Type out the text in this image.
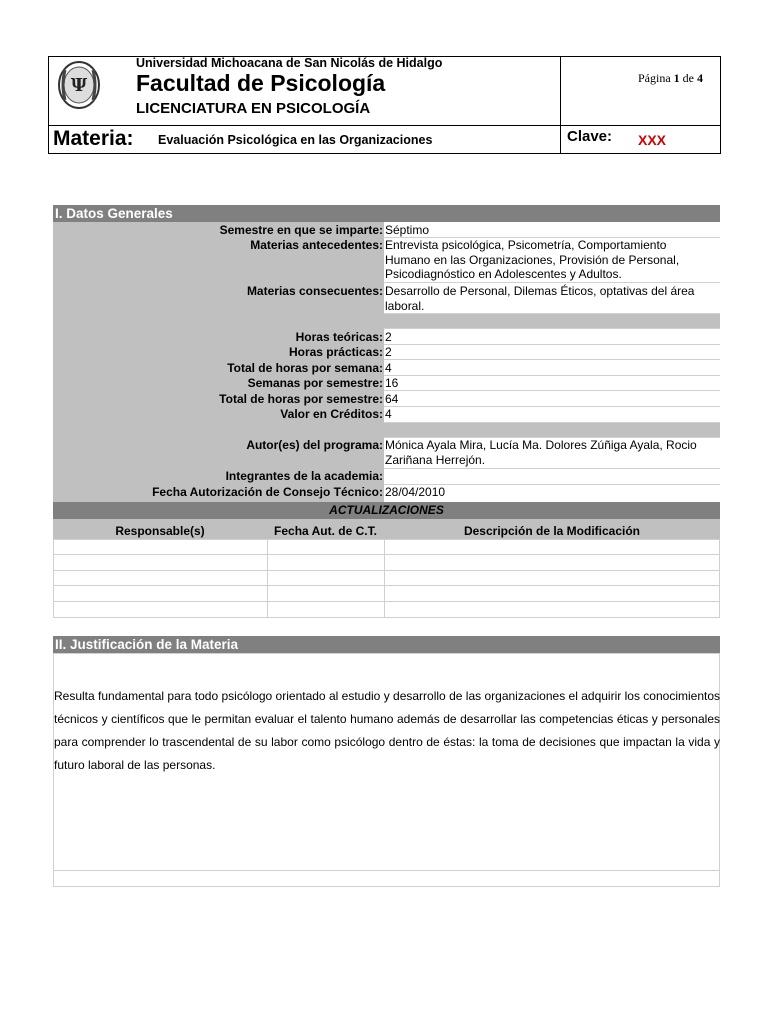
Ψ
Universidad Michoacana de San Nicolás de Hidalgo
Facultad de Psicología
LICENCIATURA EN PSICOLOGÍA
Página 1 de 4
Materia: Evaluación Psicológica en las Organizaciones	Clave: XXX
I. Datos Generales
Semestre en que se imparte: Séptimo
Materias antecedentes: Entrevista psicológica, Psicometría, Comportamiento Humano en las Organizaciones, Provisión de Personal, Psicodiagnóstico en Adolescentes y Adultos.
Materias consecuentes: Desarrollo de Personal, Dilemas Éticos, optativas del área laboral.
Horas teóricas: 2
Horas prácticas: 2
Total de horas por semana: 4
Semanas por semestre: 16
Total de horas por semestre: 64
Valor en Créditos: 4
Autor(es) del programa: Mónica Ayala Mira, Lucía Ma. Dolores Zúñiga Ayala, Rocio Zariñana Herrejón.
Integrantes de la academia:
Fecha Autorización de Consejo Técnico: 28/04/2010
ACTUALIZACIONES
Responsable(s)	Fecha Aut. de C.T.	Descripción de la Modificación
II. Justificación de la Materia
Resulta fundamental para todo psicólogo orientado al estudio y desarrollo de las organizaciones el adquirir los conocimientos técnicos y científicos que le permitan evaluar el talento humano además de desarrollar las competencias éticas y personales para comprender lo trascendental de su labor como psicólogo dentro de éstas: la toma de decisiones que impactan la vida y futuro laboral de las personas.
